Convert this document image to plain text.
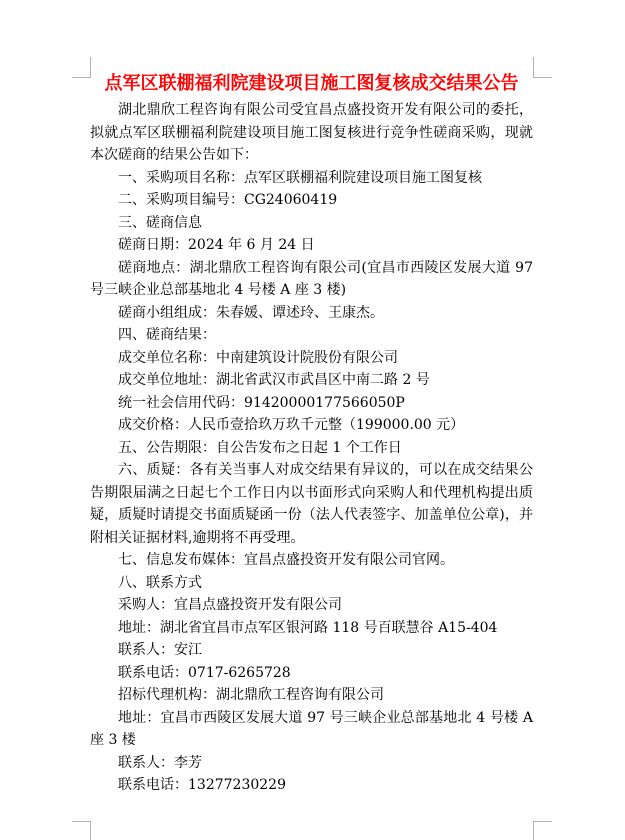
点军区联棚福利院建设项目施工图复核成交结果公告

湖北鼎欣工程咨询有限公司受宜昌点盛投资开发有限公司的委托，拟就点军区联棚福利院建设项目施工图复核进行竞争性磋商采购，现就本次磋商的结果公告如下：

一、采购项目名称：点军区联棚福利院建设项目施工图复核

二、采购项目编号：CG24060419

三、磋商信息

磋商日期：2024 年 6 月 24 日

磋商地点：湖北鼎欣工程咨询有限公司(宜昌市西陵区发展大道 97 号三峡企业总部基地北 4 号楼 A 座 3 楼)

磋商小组组成：朱春媛、谭述玲、王康杰。

四、磋商结果：

成交单位名称：中南建筑设计院股份有限公司

成交单位地址：湖北省武汉市武昌区中南二路 2 号

统一社会信用代码：91420000177566050P

成交价格：人民币壹拾玖万玖千元整（199000.00 元）

五、公告期限：自公告发布之日起 1 个工作日

六、质疑：各有关当事人对成交结果有异议的，可以在成交结果公告期限届满之日起七个工作日内以书面形式向采购人和代理机构提出质疑，质疑时请提交书面质疑函一份（法人代表签字、加盖单位公章)，并附相关证据材料,逾期将不再受理。

七、信息发布媒体：宜昌点盛投资开发有限公司官网。

八、联系方式

采购人：宜昌点盛投资开发有限公司

地址：湖北省宜昌市点军区银河路 118 号百联慧谷 A15-404

联系人：安江

联系电话：0717-6265728

招标代理机构：湖北鼎欣工程咨询有限公司

地址：宜昌市西陵区发展大道 97 号三峡企业总部基地北 4 号楼 A 座 3 楼

联系人：李芳

联系电话：13277230229
